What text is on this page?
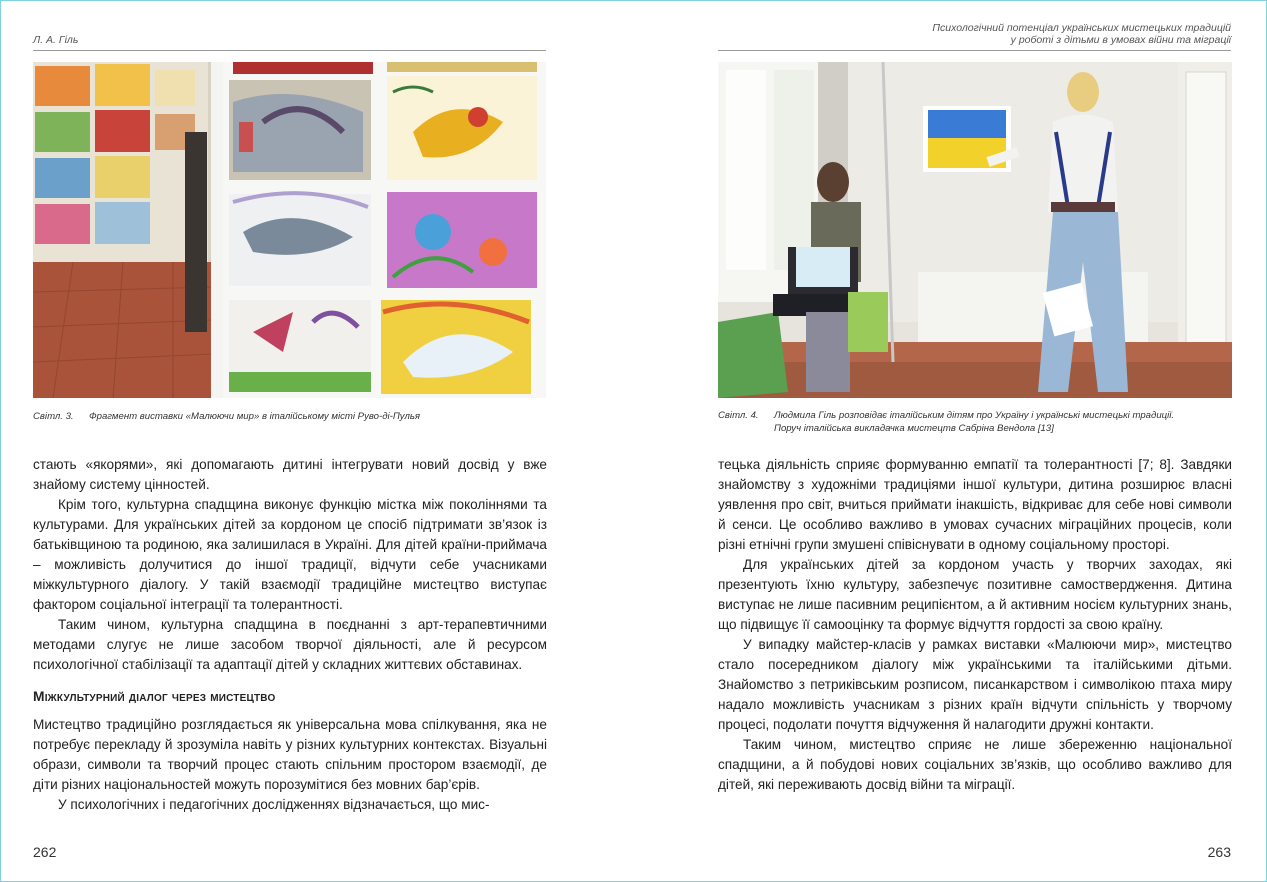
Л. А. Гіль
Світл. 3. Фрагмент виставки «Малюючи мир» в італійському місті Руво-ді-Пулья

стають «якорями», які допомагають дитині інтегрувати новий досвід у вже знайому систему цінностей.

Крім того, культурна спадщина виконує функцію містка між поколіннями та культурами. Для українських дітей за кордоном це спосіб підтримати зв’язок із батьківщиною та родиною, яка залишилася в Україні. Для дітей країни-приймача – можливість долучитися до іншої традиції, відчути себе учасниками міжкультурного діалогу. У такій взаємодії традиційне мистецтво виступає фактором соціальної інтеграції та толерантності.

Таким чином, культурна спадщина в поєднанні з арт-терапевтичними методами слугує не лише засобом творчої діяльності, але й ресурсом психологічної стабілізації та адаптації дітей у складних життєвих обставинах.

Міжкультурний діалог через мистецтво

Мистецтво традиційно розглядається як універсальна мова спілкування, яка не потребує перекладу й зрозуміла навіть у різних культурних контекстах. Візуальні образи, символи та творчий процес стають спільним простором взаємодії, де діти різних національностей можуть порозумітися без мовних бар’єрів.

У психологічних і педагогічних дослідженнях відзначається, що мис-

262
Психологічний потенціал українських мистецьких традицій
у роботі з дітьми в умовах війни та міграції
Світл. 4. Людмила Гіль розповідає італійським дітям про Україну і українські мистецькі традиції.
Поруч італійська викладачка мистецтв Сабріна Вендола [13]

тецька діяльність сприяє формуванню емпатії та толерантності [7; 8]. Завдяки знайомству з художніми традиціями іншої культури, дитина розширює власні уявлення про світ, вчиться приймати інакшість, відкриває для себе нові символи й сенси. Це особливо важливо в умовах сучасних міграційних процесів, коли різні етнічні групи змушені співіснувати в одному соціальному просторі.

Для українських дітей за кордоном участь у творчих заходах, які презентують їхню культуру, забезпечує позитивне самоствердження. Дитина виступає не лише пасивним реципієнтом, а й активним носієм культурних знань, що підвищує її самооцінку та формує відчуття гордості за свою країну.

У випадку майстер-класів у рамках виставки «Малюючи мир», мистецтво стало посередником діалогу між українськими та італійськими дітьми. Знайомство з петриківським розписом, писанкарством і символікою птаха миру надало можливість учасникам з різних країн відчути спільність у творчому процесі, подолати почуття відчуження й налагодити дружні контакти.

Таким чином, мистецтво сприяє не лише збереженню національної спадщини, а й побудові нових соціальних зв’язків, що особливо важливо для дітей, які переживають досвід війни та міграції.

263
